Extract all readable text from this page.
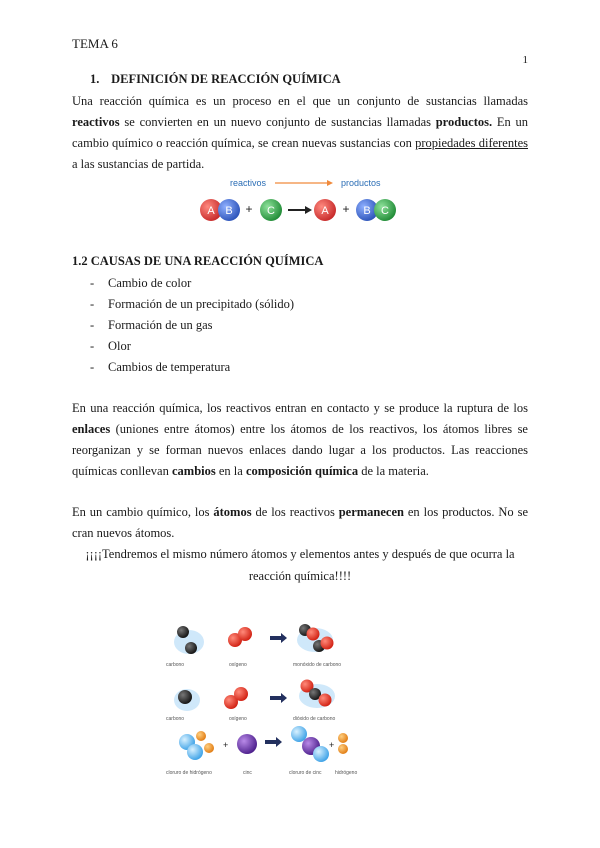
TEMA 6
1
1. DEFINICIÓN DE REACCIÓN QUÍMICA
Una reacción química es un proceso en el que un conjunto de sustancias llamadas reactivos se convierten en un nuevo conjunto de sustancias llamadas productos. En un cambio químico o reacción química, se crean nuevas sustancias con propiedades diferentes a las sustancias de partida.
reactivos	productos
A B + C	A + B C
1.2 CAUSAS DE UNA REACCIÓN QUÍMICA
- Cambio de color
- Formación de un precipitado (sólido)
- Formación de un gas
- Olor
- Cambios de temperatura
En una reacción química, los reactivos entran en contacto y se produce la ruptura de los enlaces (uniones entre átomos) entre los átomos de los reactivos, los átomos libres se reorganizan y se forman nuevos enlaces dando lugar a los productos. Las reacciones químicas conllevan cambios en la composición química de la materia.
En un cambio químico, los átomos de los reactivos permanecen en los productos. No se cran nuevos átomos.
¡¡¡¡Tendremos el mismo número átomos y elementos antes y después de que ocurra la
reacción química!!!!
carbono	oxígeno	monóxido de carbono
carbono	oxígeno	dióxido de carbono
+	+
cloruro de hidrógeno	cinc	cloruro de cinc	hidrógeno
